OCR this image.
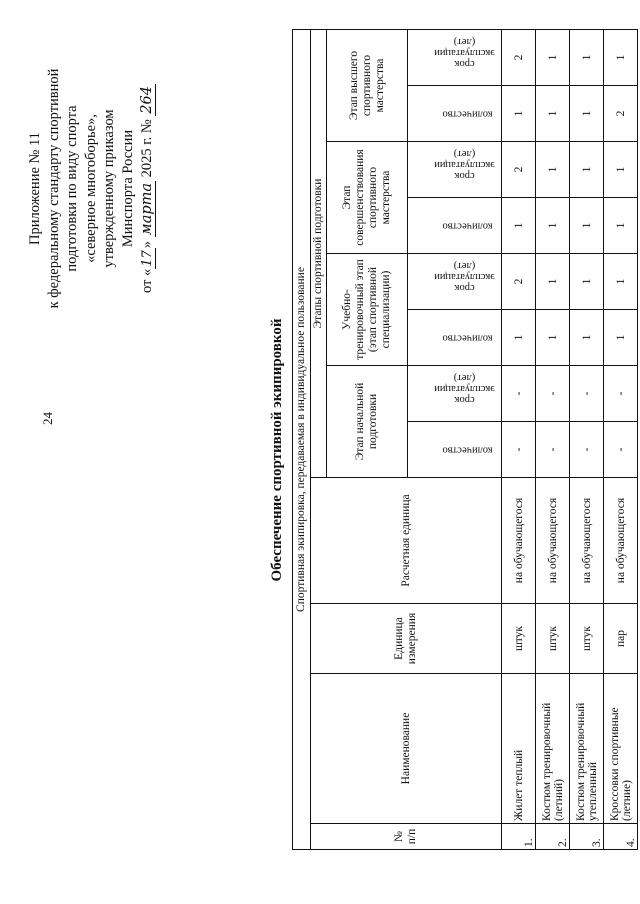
24
Приложение № 11 к федеральному стандарту спортивной подготовки по виду спорта «северное многоборье», утвержденному приказом Минспорта России
от «17» марта 2025 г. № 264
Обеспечение спортивной экипировкой Спортивная экипировка, передаваемая в индивидуальное пользование											
№ п/п	Наименование	Единица измерения	Расчетная единица	Этапы спортивной подготовки							
				Этап начальной подготовки		Учебно-тренировочный этап (этап спортивной специализации)		Этап совершенствования спортивного мастерства		Этап высшего спортивного мастерства	
				количество	срок
эксплуатации
(лет)	количество	срок
эксплуатации
(лет)	количество	срок
эксплуатации
(лет)	количество	срок
эксплуатации
(лет)
1.	Жилет теплый	штук	на обучающегося	-	-	1	2	1	2	1	2
2.	Костюм тренировочный (летний)	штук	на обучающегося	-	-	1	1	1	1	1	1
3.	Костюм тренировочный утепленный	штук	на обучающегося	-	-	1	1	1	1	1	1
4.	Кроссовки спортивные (летние)	пар	на обучающегося	-	-	1	1	1	1	2	1
